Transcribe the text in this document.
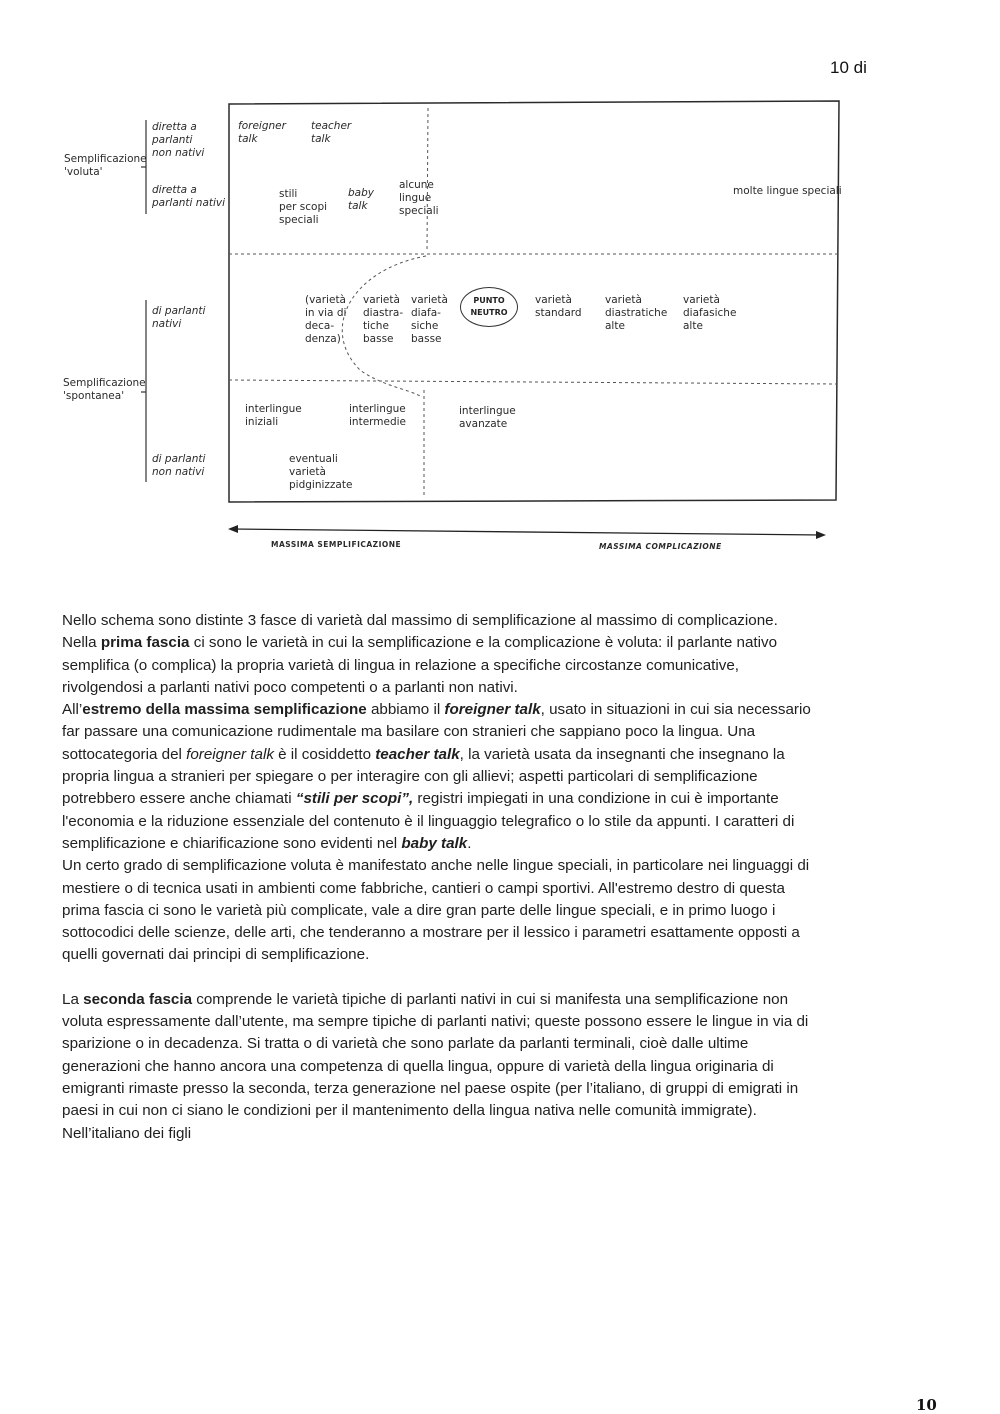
10 di
Semplificazione
'voluta'
Semplificazione
'spontanea'
diretta a
parlanti
non nativi
diretta a
parlanti nativi
di parlanti
nativi
di parlanti
non nativi
foreigner
talk
teacher
talk
stili
per scopi
speciali
baby
talk
alcune
lingue
speciali
molte lingue speciali
(varietà
in via di
deca-
denza)
varietà
diastra-
tiche
basse
varietà
diafa-
siche
basse
PUNTO
NEUTRO
varietà
standard
varietà
diastratiche
alte
varietà
diafasiche
alte
interlingue
iniziali
interlingue
intermedie
interlingue
avanzate
eventuali
varietà
pidginizzate
MASSIMA SEMPLIFICAZIONE	MASSIMA COMPLICAZIONE

Nello schema sono distinte 3 fasce di varietà dal massimo di semplificazione al massimo di complicazione.

Nella prima fascia ci sono le varietà in cui la semplificazione e la complicazione è voluta: il parlante nativo semplifica (o complica) la propria varietà di lingua in relazione a specifiche circostanze comunicative, rivolgendosi a parlanti nativi poco competenti o a parlanti non nativi.

All’estremo della massima semplificazione abbiamo il foreigner talk, usato in situazioni in cui sia necessario far passare una comunicazione rudimentale ma basilare con stranieri che sappiano poco la lingua. Una sottocategoria del foreigner talk è il cosiddetto teacher talk, la varietà usata da insegnanti che insegnano la propria lingua a stranieri per spiegare o per interagire con gli allievi; aspetti particolari di semplificazione potrebbero essere anche chiamati “stili per scopi”, registri impiegati in una condizione in cui è importante l'economia e la riduzione essenziale del contenuto è il linguaggio telegrafico o lo stile da appunti. I caratteri di semplificazione e chiarificazione sono evidenti nel baby talk.

Un certo grado di semplificazione voluta è manifestato anche nelle lingue speciali, in particolare nei linguaggi di mestiere o di tecnica usati in ambienti come fabbriche, cantieri o campi sportivi. All'estremo destro di questa prima fascia ci sono le varietà più complicate, vale a dire gran parte delle lingue speciali, e in primo luogo i sottocodici delle scienze, delle arti, che tenderanno a mostrare per il lessico i parametri esattamente opposti a quelli governati dai principi di semplificazione.

La seconda fascia comprende le varietà tipiche di parlanti nativi in cui si manifesta una semplificazione non voluta espressamente dall’utente, ma sempre tipiche di parlanti nativi; queste possono essere le lingue in via di sparizione o in decadenza. Si tratta o di varietà che sono parlate da parlanti terminali, cioè dalle ultime generazioni che hanno ancora una competenza di quella lingua, oppure di varietà della lingua originaria di emigranti rimaste presso la seconda, terza generazione nel paese ospite (per l’italiano, di gruppi di emigrati in paesi in cui non ci siano le condizioni per il mantenimento della lingua nativa nelle comunità immigrate). Nell’italiano dei figli

10
